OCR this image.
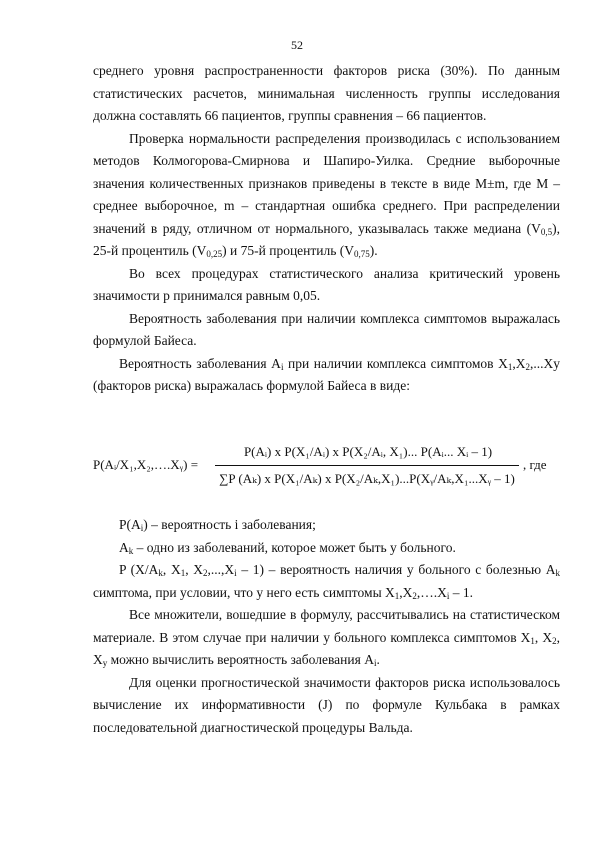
52

среднего уровня распространенности факторов риска (30%). По данным статистических расчетов, минимальная численность группы исследования должна составлять 66 пациентов, группы сравнения – 66 пациентов.

Проверка нормальности распределения производилась с использованием методов Колмогорова-Смирнова и Шапиро-Уилка. Средние выборочные значения количественных признаков приведены в тексте в виде M±m, где M – среднее выборочное, m – стандартная ошибка среднего. При распределении значений в ряду, отличном от нормального, указывалась также медиана $(V_{0,5})$, 25-й процентиль $(V_{0,25})$ и 75-й процентиль $(V_{0,75})$.

Во всех процедурах статистического анализа критический уровень значимости p принимался равным 0,05.

Вероятность заболевания при наличии комплекса симптомов выражалась формулой Байеса.

Вероятность заболевания $A_i$ при наличии комплекса симптомов $X_1,X_2,...Xy$ (факторов риска) выражалась формулой Байеса в виде:

P(Aᵢ/X₁,X₂,….Xᵧ) =
P(Aᵢ) x P(X₁/Aᵢ) x P(X₂/Aᵢ, X₁)... P(Aᵢ... Xᵢ – 1)
∑P (Aₖ) x P(X₁/Aₖ) x P(X₂/Aₖ,X₁)...P(Xᵧ/Aₖ,X₁...Xᵧ – 1)
, где

$P(A_i)$ – вероятность i заболевания;

$A_k$ – одно из заболеваний, которое может быть у больного.

P ($X/A_k$, $X_1$, $X_2,...,X_i - 1$) – вероятность наличия у больного с болезнью $A_k$ симптома, при условии, что у него есть симптомы $X_1,X_2,\dots.X_i - 1$.

Все множители, вошедшие в формулу, рассчитывались на статистическом материале. В этом случае при наличии у больного комплекса симптомов $X_1$, $X_2$, $X_y$ можно вычислить вероятность заболевания $A_i$.

Для оценки прогностической значимости факторов риска использовалось вычисление их информативности (J) по формуле Кульбака в рамках последовательной диагностической процедуры Вальда.
